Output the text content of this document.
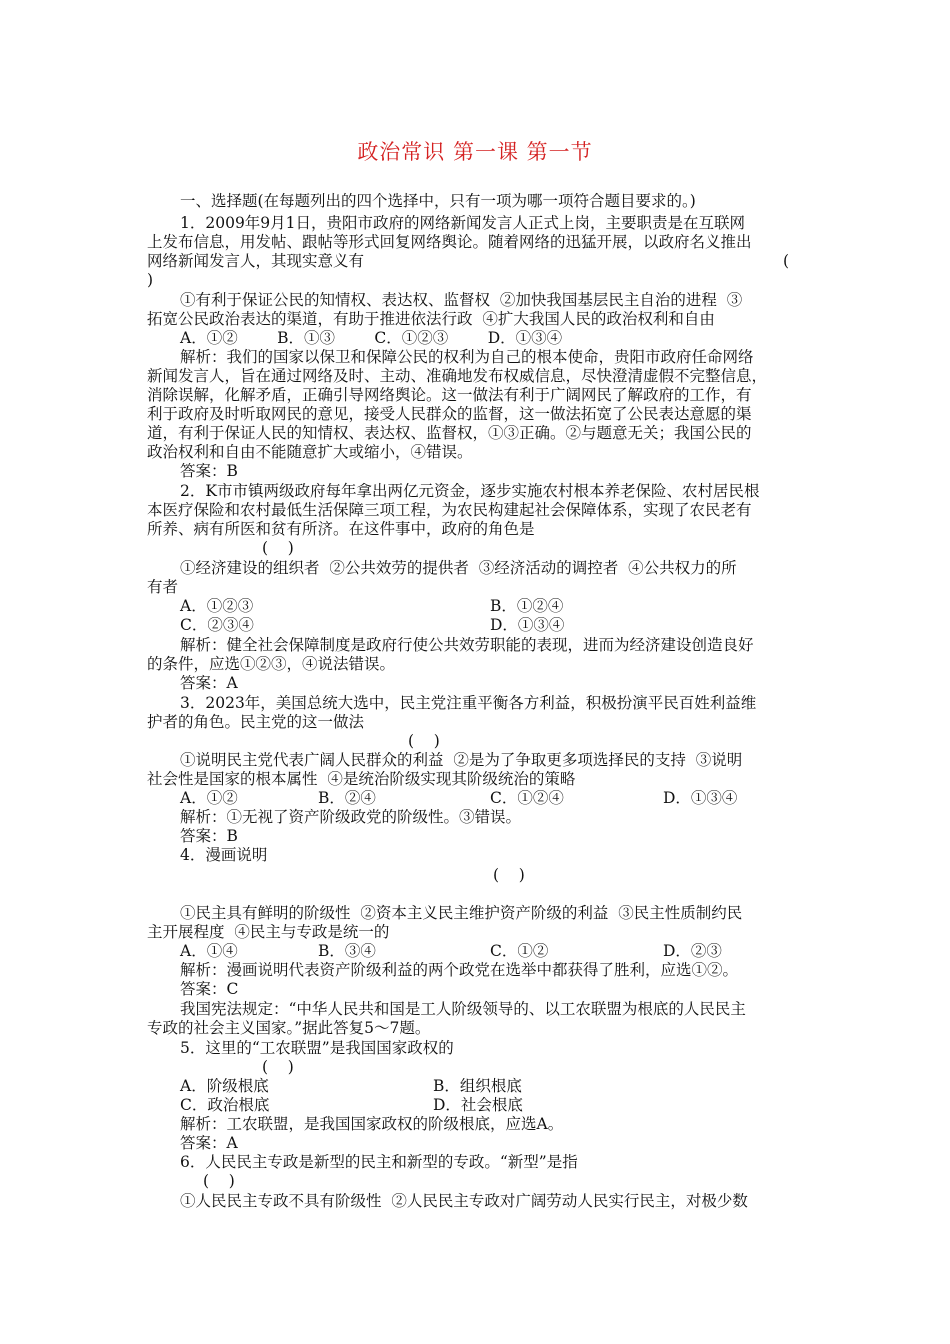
政治常识 第一课 第一节
一、选择题(在每题列出的四个选择中，只有一项为哪一项符合题目要求的。)
1．2009年9月1日，贵阳市政府的网络新闻发言人正式上岗，主要职责是在互联网
上发布信息，用发帖、跟帖等形式回复网络舆论。随着网络的迅猛开展，以政府名义推出
网络新闻发言人，其现实意义有	(
)
①有利于保证公民的知情权、表达权、监督权  ②加快我国基层民主自治的进程  ③
拓宽公民政治表达的渠道，有助于推进依法行政  ④扩大我国人民的政治权利和自由
A．①②        B．①③        C．①②③        D．①③④
解析：我们的国家以保卫和保障公民的权利为自己的根本使命，贵阳市政府任命网络
新闻发言人，旨在通过网络及时、主动、准确地发布权威信息，尽快澄清虚假不完整信息，
消除误解，化解矛盾，正确引导网络舆论。这一做法有利于广阔网民了解政府的工作，有
利于政府及时听取网民的意见，接受人民群众的监督，这一做法拓宽了公民表达意愿的渠
道，有利于保证人民的知情权、表达权、监督权，①③正确。②与题意无关；我国公民的
政治权利和自由不能随意扩大或缩小，④错误。
答案：B
2．K市市镇两级政府每年拿出两亿元资金，逐步实施农村根本养老保险、农村居民根
本医疗保险和农村最低生活保障三项工程，为农民构建起社会保障体系，实现了农民老有
所养、病有所医和贫有所济。在这件事中，政府的角色是
(    )
①经济建设的组织者  ②公共效劳的提供者  ③经济活动的调控者  ④公共权力的所
有者
A．①②③	B．①②④
C．②③④	D．①③④
解析：健全社会保障制度是政府行使公共效劳职能的表现，进而为经济建设创造良好
的条件，应选①②③，④说法错误。
答案：A
3．2023年，美国总统大选中，民主党注重平衡各方利益，积极扮演平民百姓利益维
护者的角色。民主党的这一做法
(    )
①说明民主党代表广阔人民群众的利益  ②是为了争取更多项选择民的支持  ③说明
社会性是国家的根本属性  ④是统治阶级实现其阶级统治的策略
A．①②	B．②④	C．①②④	D．①③④
解析：①无视了资产阶级政党的阶级性。③错误。
答案：B
4．漫画说明
(    )
①民主具有鲜明的阶级性  ②资本主义民主维护资产阶级的利益  ③民主性质制约民
主开展程度  ④民主与专政是统一的
A．①④	B．③④	C．①②	D．②③
解析：漫画说明代表资产阶级利益的两个政党在选举中都获得了胜利，应选①②。
答案：C
我国宪法规定：“中华人民共和国是工人阶级领导的、以工农联盟为根底的人民民主
专政的社会主义国家。”据此答复5～7题。
5．这里的“工农联盟”是我国国家政权的
(    )
A．阶级根底	B．组织根底
C．政治根底	D．社会根底
解析：工农联盟，是我国国家政权的阶级根底，应选A。
答案：A
6．人民民主专政是新型的民主和新型的专政。“新型”是指
(    )
①人民民主专政不具有阶级性  ②人民民主专政对广阔劳动人民实行民主，对极少数
